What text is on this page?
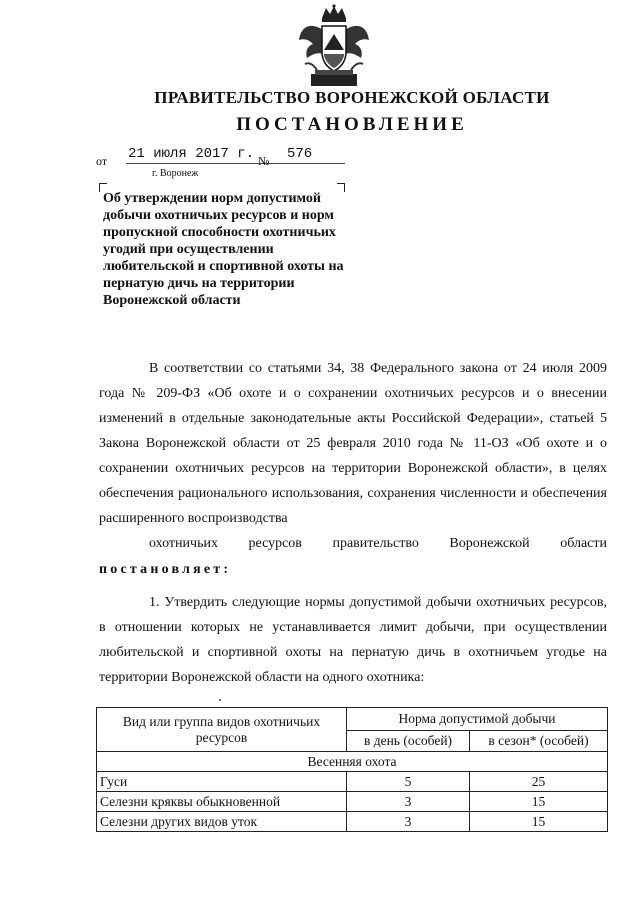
ПРАВИТЕЛЬСТВО ВОРОНЕЖСКОЙ ОБЛАСТИ
ПОСТАНОВЛЕНИЕ
от 21 июля 2017 г. №	576
г. Воронеж
Об утверждении норм допустимой добычи охотничьих ресурсов и норм пропускной способности охотничьих угодий при осуществлении любительской и спортивной охоты на пернатую дичь на территории Воронежской области
В соответствии со статьями 34, 38 Федерального закона от 24 июля 2009 года № 209-ФЗ «Об охоте и о сохранении охотничьих ресурсов и о внесении изменений в отдельные законодательные акты Российской Федерации», статьей 5 Закона Воронежской области от 25 февраля 2010 года № 11-ОЗ «Об охоте и о сохранении охотничьих ресурсов на территории Воронежской области», в целях обеспечения рационального использования, сохранения численности и обеспечения расширенного воспроизводства
охотничьих ресурсов правительство Воронежской области
постановляет:
1. Утвердить следующие нормы допустимой добычи охотничьих ресурсов, в отношении которых не устанавливается лимит добычи, при осуществлении любительской и спортивной охоты на пернатую дичь в охотничьем угодье на территории Воронежской области на одного охотника:
Вид или группа видов охотничьих ресурсов	Норма допустимой добычи	
	в день (особей)	в сезон* (особей)
Весенняя охота		
Гуси	5	25
Селезни кряквы обыкновенной	3	15
Селезни других видов уток	3	15
